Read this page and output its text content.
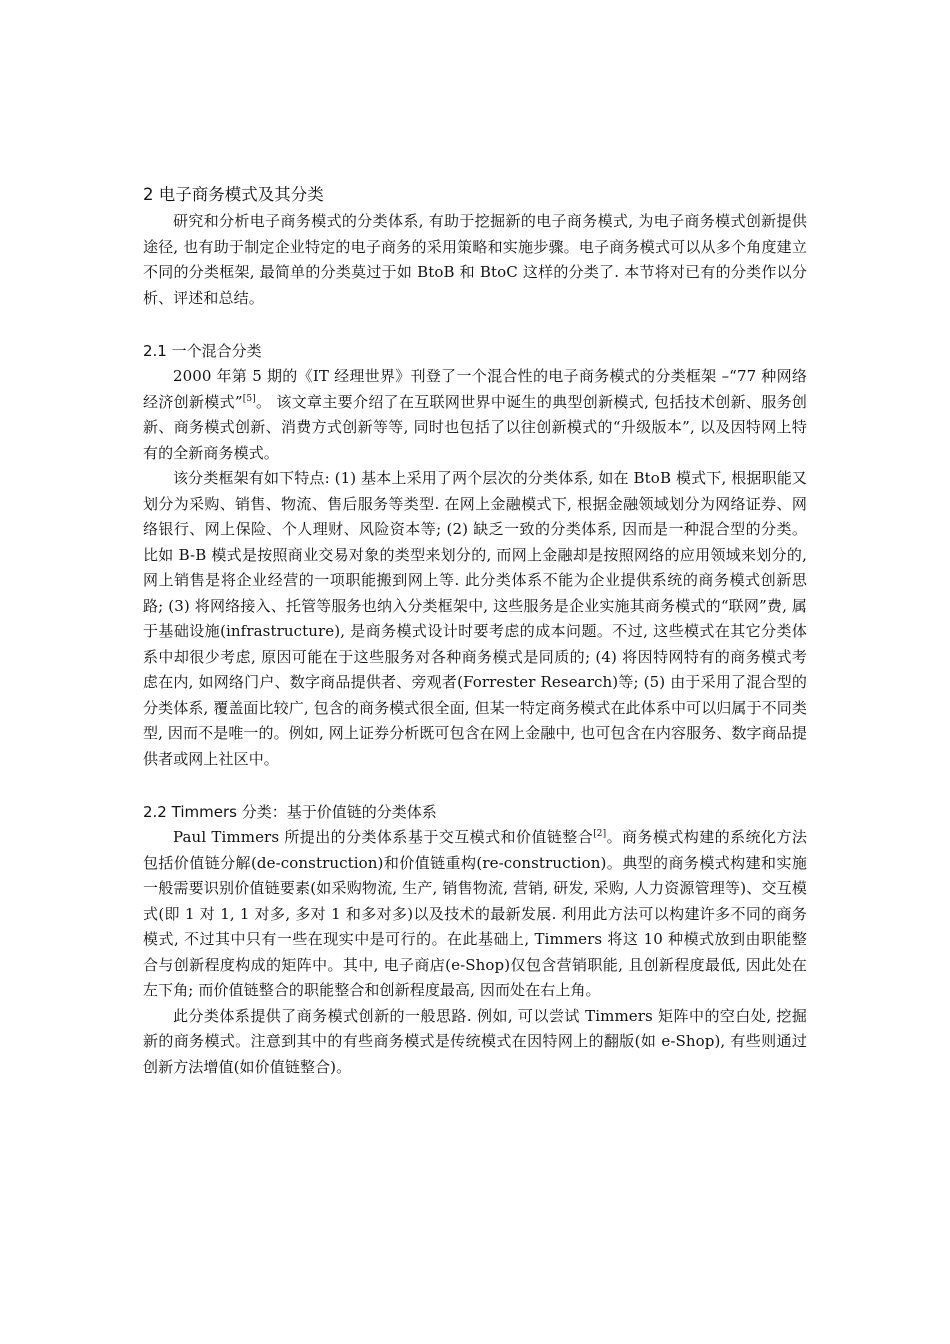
2 电子商务模式及其分类

研究和分析电子商务模式的分类体系, 有助于挖掘新的电子商务模式, 为电子商务模式创新提供途径, 也有助于制定企业特定的电子商务的采用策略和实施步骤。电子商务模式可以从多个角度建立不同的分类框架, 最简单的分类莫过于如 BtoB 和 BtoC 这样的分类了. 本节将对已有的分类作以分析、评述和总结。

2.1 一个混合分类

2000 年第 5 期的《IT 经理世界》刊登了一个混合性的电子商务模式的分类框架 –“77 种网络经济创新模式”[5]。 该文章主要介绍了在互联网世界中诞生的典型创新模式, 包括技术创新、服务创新、商务模式创新、消费方式创新等等, 同时也包括了以往创新模式的“升级版本”, 以及因特网上特有的全新商务模式。

该分类框架有如下特点: (1) 基本上采用了两个层次的分类体系, 如在 BtoB 模式下, 根据职能又划分为采购、销售、物流、售后服务等类型. 在网上金融模式下, 根据金融领域划分为网络证券、网络银行、网上保险、个人理财、风险资本等; (2) 缺乏一致的分类体系, 因而是一种混合型的分类。比如 B-B 模式是按照商业交易对象的类型来划分的, 而网上金融却是按照网络的应用领域来划分的, 网上销售是将企业经营的一项职能搬到网上等. 此分类体系不能为企业提供系统的商务模式创新思路; (3) 将网络接入、托管等服务也纳入分类框架中, 这些服务是企业实施其商务模式的“联网”费, 属于基础设施(infrastructure), 是商务模式设计时要考虑的成本问题。不过, 这些模式在其它分类体系中却很少考虑, 原因可能在于这些服务对各种商务模式是同质的; (4) 将因特网特有的商务模式考虑在内, 如网络门户、数字商品提供者、旁观者(Forrester Research)等; (5) 由于采用了混合型的分类体系, 覆盖面比较广, 包含的商务模式很全面, 但某一特定商务模式在此体系中可以归属于不同类型, 因而不是唯一的。例如, 网上证券分析既可包含在网上金融中, 也可包含在内容服务、数字商品提供者或网上社区中。

2.2 Timmers 分类：基于价值链的分类体系

Paul Timmers 所提出的分类体系基于交互模式和价值链整合[2]。商务模式构建的系统化方法包括价值链分解(de-construction)和价值链重构(re-construction)。典型的商务模式构建和实施一般需要识别价值链要素(如采购物流, 生产, 销售物流, 营销, 研发, 采购, 人力资源管理等)、交互模式(即 1 对 1, 1 对多, 多对 1 和多对多)以及技术的最新发展. 利用此方法可以构建许多不同的商务模式, 不过其中只有一些在现实中是可行的。在此基础上, Timmers 将这 10 种模式放到由职能整合与创新程度构成的矩阵中。其中, 电子商店(e-Shop)仅包含营销职能, 且创新程度最低, 因此处在左下角; 而价值链整合的职能整合和创新程度最高, 因而处在右上角。

此分类体系提供了商务模式创新的一般思路. 例如, 可以尝试 Timmers 矩阵中的空白处, 挖掘新的商务模式。注意到其中的有些商务模式是传统模式在因特网上的翻版(如 e-Shop), 有些则通过创新方法增值(如价值链整合)。
